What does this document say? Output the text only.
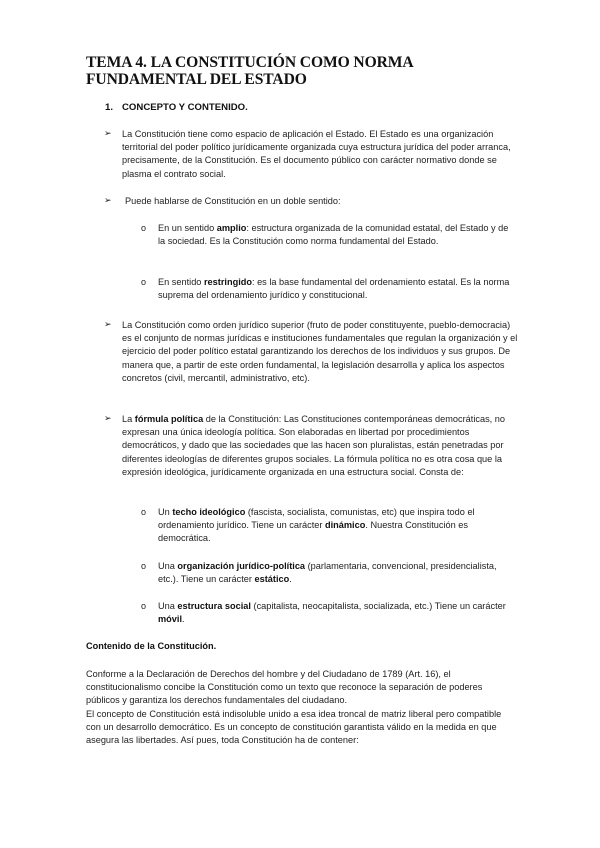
TEMA 4. LA CONSTITUCIÓN COMO NORMA FUNDAMENTAL DEL ESTADO
1. CONCEPTO Y CONTENIDO.
➢ La Constitución tiene como espacio de aplicación el Estado. El Estado es una organización territorial del poder político jurídicamente organizada cuya estructura jurídica del poder arranca, precisamente, de la Constitución. Es el documento público con carácter normativo donde se plasma el contrato social.

➢ Puede hablarse de Constitución en un doble sentido:

o En un sentido amplio: estructura organizada de la comunidad estatal, del Estado y de la sociedad. Es la Constitución como norma fundamental del Estado.

o En sentido restringido: es la base fundamental del ordenamiento estatal. Es la norma suprema del ordenamiento jurídico y constitucional.

➢ La Constitución como orden jurídico superior (fruto de poder constituyente, pueblo-democracia) es el conjunto de normas jurídicas e instituciones fundamentales que regulan la organización y el ejercicio del poder político estatal garantizando los derechos de los individuos y sus grupos. De manera que, a partir de este orden fundamental, la legislación desarrolla y aplica los aspectos concretos (civil, mercantil, administrativo, etc).

➢ La fórmula política de la Constitución: Las Constituciones contemporáneas democráticas, no expresan una única ideología política. Son elaboradas en libertad por procedimientos democráticos, y dado que las sociedades que las hacen son pluralistas, están penetradas por diferentes ideologías de diferentes grupos sociales. La fórmula política no es otra cosa que la expresión ideológica, jurídicamente organizada en una estructura social. Consta de:

o Un techo ideológico (fascista, socialista, comunistas, etc) que inspira todo el ordenamiento jurídico. Tiene un carácter dinámico. Nuestra Constitución es democrática.

o Una organización jurídico-política (parlamentaria, convencional, presidencialista, etc.). Tiene un carácter estático.

o Una estructura social (capitalista, neocapitalista, socializada, etc.) Tiene un carácter móvil.

Contenido de la Constitución.

Conforme a la Declaración de Derechos del hombre y del Ciudadano de 1789 (Art. 16), el constitucionalismo concibe la Constitución como un texto que reconoce la separación de poderes públicos y garantiza los derechos fundamentales del ciudadano.

El concepto de Constitución está indisoluble unido a esa idea troncal de matriz liberal pero compatible con un desarrollo democrático. Es un concepto de constitución garantista válido en la medida en que asegura las libertades. Así pues, toda Constitución ha de contener:
